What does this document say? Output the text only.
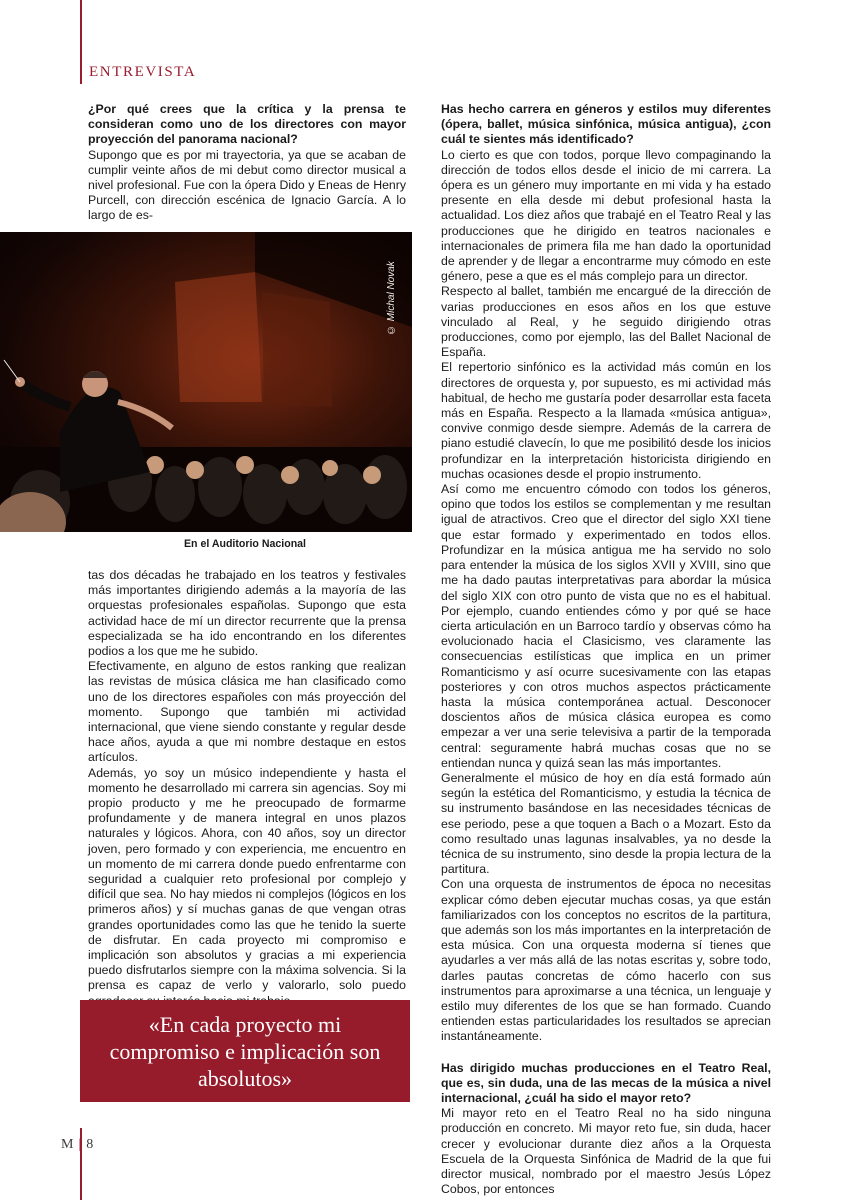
ENTREVISTA

¿Por qué crees que la crítica y la prensa te consideran como uno de los directores con mayor proyección del panorama nacional?

Supongo que es por mi trayectoria, ya que se acaban de cumplir veinte años de mi debut como director musical a nivel profesional. Fue con la ópera Dido y Eneas de Henry Purcell, con dirección escénica de Ignacio García. A lo largo de es-

© Michal Novak
En el Auditorio Nacional

tas dos décadas he trabajado en los teatros y festivales más importantes dirigiendo además a la mayoría de las orquestas profesionales españolas. Supongo que esta actividad hace de mí un director recurrente que la prensa especializada se ha ido encontrando en los diferentes podios a los que me he subido.

Efectivamente, en alguno de estos ranking que realizan las revistas de música clásica me han clasificado como uno de los directores españoles con más proyección del momento. Supongo que también mi actividad internacional, que viene siendo constante y regular desde hace años, ayuda a que mi nombre destaque en estos artículos.

Además, yo soy un músico independiente y hasta el momento he desarrollado mi carrera sin agencias. Soy mi propio producto y me he preocupado de formarme profundamente y de manera integral en unos plazos naturales y lógicos. Ahora, con 40 años, soy un director joven, pero formado y con experiencia, me encuentro en un momento de mi carrera donde puedo enfrentarme con seguridad a cualquier reto profesional por complejo y difícil que sea. No hay miedos ni complejos (lógicos en los primeros años) y sí muchas ganas de que vengan otras grandes oportunidades como las que he tenido la suerte de disfrutar. En cada proyecto mi compromiso e implicación son absolutos y gracias a mi experiencia puedo disfrutarlos siempre con la máxima solvencia. Si la prensa es capaz de verlo y valorarlo, solo puedo

«En cada proyecto mi compromiso e implicación son absolutos»

Has hecho carrera en géneros y estilos muy diferentes (ópera, ballet, música sinfónica, música antigua), ¿con cuál te sientes más identificado?

Lo cierto es que con todos, porque llevo compaginando la dirección de todos ellos desde el inicio de mi carrera. La ópera es un género muy importante en mi vida y ha estado presente en ella desde mi debut profesional hasta la actualidad. Los diez años que trabajé en el Teatro Real y las producciones que he dirigido en teatros nacionales e internacionales de primera fila me han dado la oportunidad de aprender y de llegar a encontrarme muy cómodo en este género, pese a que es el más complejo para un director.

Respecto al ballet, también me encargué de la dirección de varias producciones en esos años en los que estuve vinculado al Real, y he seguido dirigiendo otras producciones, como por ejemplo, las del Ballet Nacional de España.

El repertorio sinfónico es la actividad más común en los directores de orquesta y, por supuesto, es mi actividad más habitual, de hecho me gustaría poder desarrollar esta faceta más en España. Respecto a la llamada «música antigua», convive conmigo desde siempre. Además de la carrera de piano estudié clavecín, lo que me posibilitó desde los inicios profundizar en la interpretación historicista dirigiendo en muchas ocasiones desde el propio instrumento.

Así como me encuentro cómodo con todos los géneros, opino que todos los estilos se complementan y me resultan igual de atractivos. Creo que el director del siglo XXI tiene que estar formado y experimentado en todos ellos. Profundizar en la música antigua me ha servido no solo para entender la música de los siglos XVII y XVIII, sino que me ha dado pautas interpretativas para abordar la música del siglo XIX con otro punto de vista que no es el habitual. Por ejemplo, cuando entiendes cómo y por qué se hace cierta articulación en un Barroco tardío y observas cómo ha evolucionado hacia el Clasicismo, ves claramente las consecuencias estilísticas que implica en un primer Romanticismo y así ocurre sucesivamente con las etapas posteriores y con otros muchos aspectos prácticamente hasta la música contemporánea actual. Desconocer doscientos años de música clásica europea es como empezar a ver una serie televisiva a partir de la temporada central: seguramente habrá muchas cosas que no se entiendan nunca y quizá sean las más importantes.

Generalmente el músico de hoy en día está formado aún según la estética del Romanticismo, y estudia la técnica de su instrumento basándose en las necesidades técnicas de ese periodo, pese a que toquen a Bach o a Mozart. Esto da como resultado unas lagunas insalvables, ya no desde la técnica de su instrumento, sino desde la propia lectura de la partitura.

Con una orquesta de instrumentos de época no necesitas explicar cómo deben ejecutar muchas cosas, ya que están familiarizados con los conceptos no escritos de la partitura, que además son los más importantes en la interpretación de esta música. Con una orquesta moderna sí tienes que ayudarles a ver más allá de las notas escritas y, sobre todo, darles pautas concretas de cómo hacerlo con sus instrumentos para aproximarse a una técnica, un lenguaje y estilo muy diferentes de los que se han formado. Cuando entienden estas particularidades los resultados se aprecian instantáneamente.

Has dirigido muchas producciones en el Teatro Real, que es, sin duda, una de las mecas de la música a nivel internacional, ¿cuál ha sido el mayor reto?

Mi mayor reto en el Teatro Real no ha sido ninguna producción en concreto. Mi mayor reto fue, sin duda, hacer crecer y evolucionar durante diez años a la Orquesta Escuela de la Orquesta Sinfónica de Madrid de la que fui director musical, nombrado por el maestro Jesús López Cobos, por entonces

M | 8
